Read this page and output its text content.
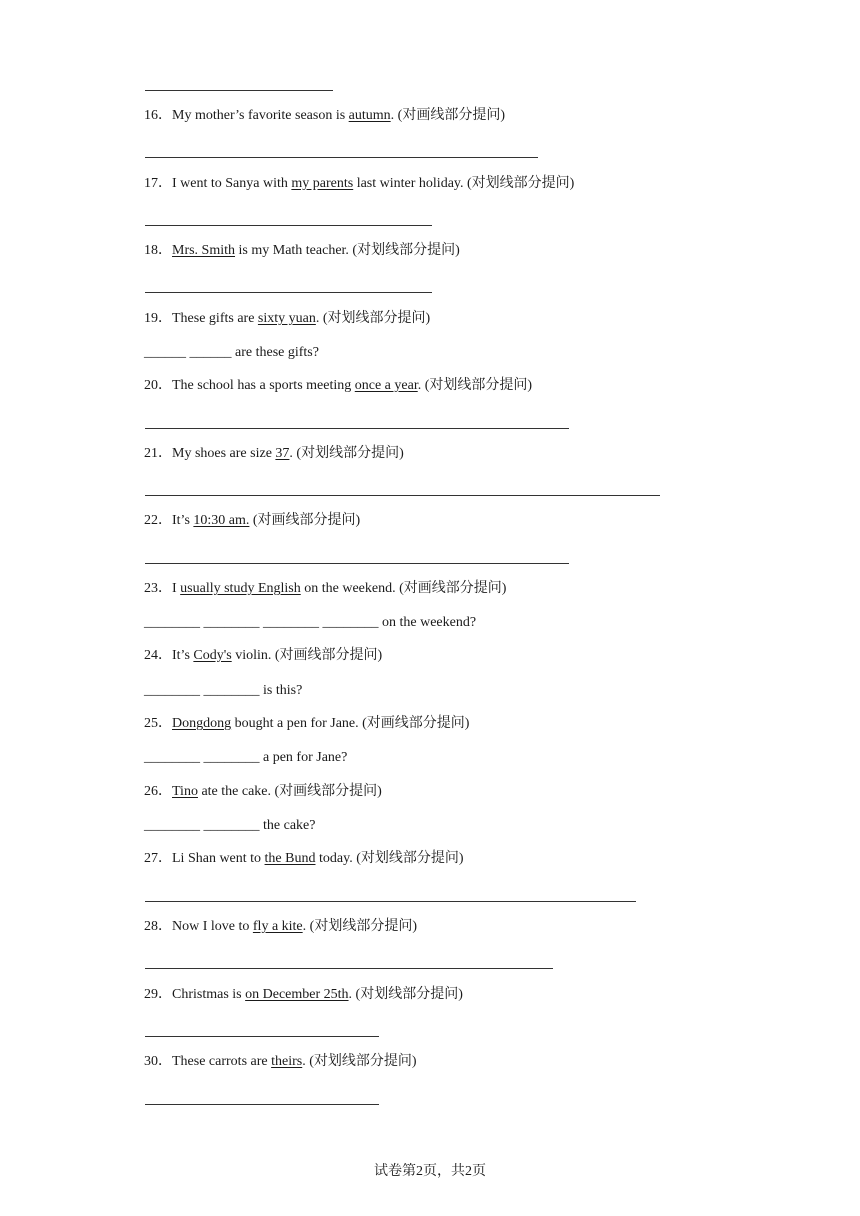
16．My mother’s favorite season is autumn. (对画线部分提问)
17．I went to Sanya with my parents last winter holiday. (对划线部分提问)
18．Mrs. Smith is my Math teacher. (对划线部分提问)
19．These gifts are sixty yuan. (对划线部分提问)
______ ______ are these gifts?
20．The school has a sports meeting once a year. (对划线部分提问)
21．My shoes are size 37. (对划线部分提问)
22．It’s 10:30 am. (对画线部分提问)
23．I usually study English on the weekend. (对画线部分提问)
________ ________ ________ ________ on the weekend?
24．It’s Cody's violin. (对画线部分提问)
________ ________ is this?
25．Dongdong bought a pen for Jane. (对画线部分提问)
________ ________ a pen for Jane?
26．Tino ate the cake. (对画线部分提问)
________ ________ the cake?
27．Li Shan went to the Bund today. (对划线部分提问)
28．Now I love to fly a kite. (对划线部分提问)
29．Christmas is on December 25th. (对划线部分提问)
30．These carrots are theirs. (对划线部分提问)
试卷第2页，共2页
